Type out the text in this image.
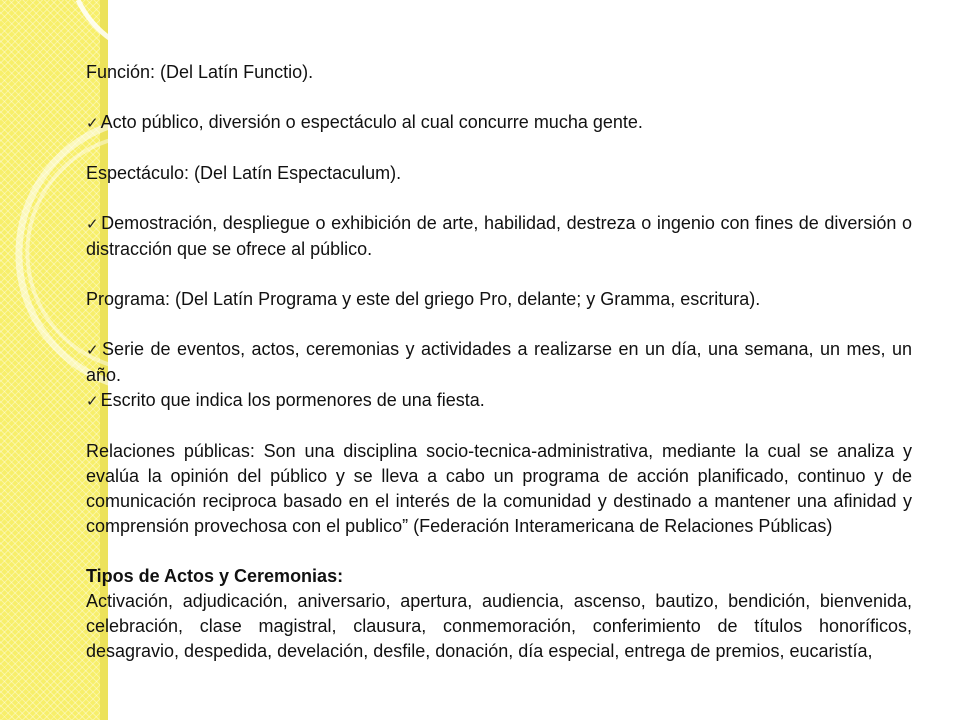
Función: (Del Latín Functio).

✓ Acto público, diversión o espectáculo al cual concurre mucha gente.

Espectáculo: (Del Latín Espectaculum).

✓ Demostración, despliegue o exhibición de arte, habilidad, destreza o ingenio con fines de diversión o distracción que se ofrece al público.

Programa: (Del Latín Programa y este del griego Pro, delante; y Gramma, escritura).

✓ Serie de eventos, actos, ceremonias y actividades a realizarse en un día, una semana, un mes, un año.

✓ Escrito que indica los pormenores de una fiesta.

Relaciones públicas: Son una disciplina socio-tecnica-administrativa, mediante la cual se analiza y evalúa la opinión del público y se lleva a cabo un programa de acción planificado, continuo y de comunicación reciproca basado en el interés de la comunidad y destinado a mantener una afinidad y comprensión provechosa con el publico” (Federación Interamericana de Relaciones Públicas)

Tipos de Actos y Ceremonias:

Activación, adjudicación, aniversario, apertura, audiencia, ascenso, bautizo, bendición, bienvenida, celebración, clase magistral, clausura, conmemoración, conferimiento de títulos honoríficos, desagravio, despedida, develación, desfile, donación, día especial, entrega de premios, eucaristía,
